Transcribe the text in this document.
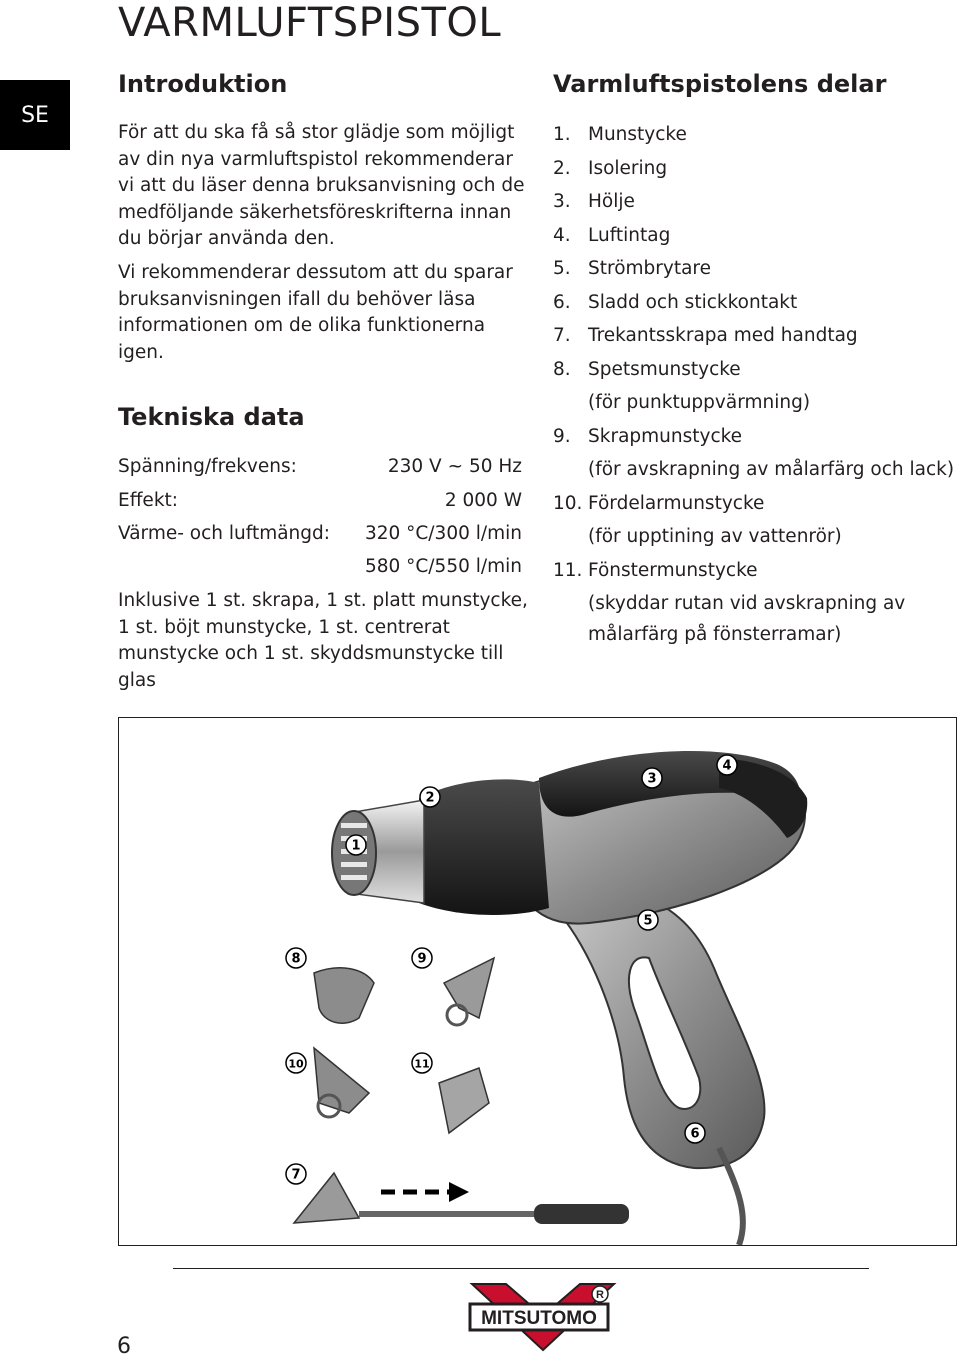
VARMLUFTSPISTOL
SE
Introduktion
För att du ska få så stor glädje som möjligt
av din nya varmluftspistol rekommenderar
vi att du läser denna bruksanvisning och de
medföljande säkerhetsföreskrifterna innan
du börjar använda den.
Vi rekommenderar dessutom att du sparar
bruksanvisningen ifall du behöver läsa
informationen om de olika funktionerna
igen.
Tekniska data
Spänning/frekvens:	230 V ~ 50 Hz
Effekt:	2 000 W
Värme- och luftmängd: 320 °C/300 l/min
580 °C/550 l/min
Inklusive 1 st. skrapa, 1 st. platt munstycke,
1 st. böjt munstycke, 1 st. centrerat
munstycke och 1 st. skyddsmunstycke till
glas
Varmluftspistolens delar
1. Munstycke
2. Isolering
3. Hölje
4. Luftintag
5. Strömbrytare
6. Sladd och stickkontakt
7. Trekantsskrapa med handtag
8. Spetsmunstycke
(för punktuppvärmning)
9. Skrapmunstycke
(för avskrapning av målarfärg och lack)
10. Fördelarmunstycke
(för upptining av vattenrör)
11. Fönstermunstycke
(skyddar rutan vid avskrapning av
målarfärg på fönsterramar)
1
2
3
4
5
6
7
8	9
10	11
MITSUTOMO
R
6
